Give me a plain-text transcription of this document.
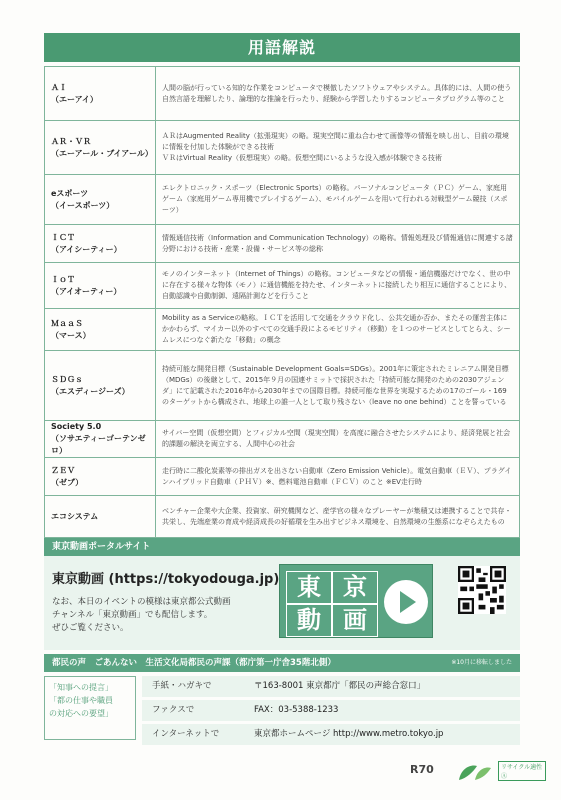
用語解説
ＡＩ
（エーアイ）	人間の脳が行っている知的な作業をコンピュータで模倣したソフトウェアやシステム。具体的には、人間の使う自然言語を理解したり、論理的な推論を行ったり、経験から学習したりするコンピュータプログラム等のこと

ＡＲ・ＶＲ
（エーアール・ブイアール）	ＡＲはAugmented Reality（拡張現実）の略。現実空間に重ね合わせて画像等の情報を映し出し、目前の環境に情報を付加した体験ができる技術
ＶＲはVirtual Reality（仮想現実）の略。仮想空間にいるような没入感が体験できる技術

eスポーツ
（イースポーツ）	エレクトロニック・スポーツ（Electronic Sports）の略称。パーソナルコンピュータ（ＰＣ）ゲーム、家庭用ゲーム（家庭用ゲーム専用機でプレイするゲーム）、モバイルゲームを用いて行われる対戦型ゲーム競技（スポーツ）

ＩＣＴ
（アイシーティー）	情報通信技術（Information and Communication Technology）の略称。情報処理及び情報通信に関連する諸分野における技術・産業・設備・サービス等の総称

ＩｏＴ
（アイオーティー）	モノのインターネット（Internet of Things）の略称。コンピュータなどの情報・通信機器だけでなく、世の中に存在する様々な物体（モノ）に通信機能を持たせ、インターネットに接続したり相互に通信することにより、自動認識や自動制御、遠隔計測などを行うこと

ＭａａＳ
（マース）	Mobility as a Serviceの略称。ＩＣＴを活用して交通をクラウド化し、公共交通か否か、またその運営主体にかかわらず、マイカー以外のすべての交通手段によるモビリティ（移動）を１つのサービスとしてとらえ、シームレスにつなぐ新たな「移動」の概念

ＳＤＧｓ
（エスディージーズ）	持続可能な開発目標（Sustainable Development Goals=SDGs）。2001年に策定されたミレニアム開発目標（MDGs）の後継として、2015年９月の国連サミットで採択された「持続可能な開発のための2030アジェンダ」にて記載された2016年から2030年までの国際目標。持続可能な世界を実現するための17のゴール・169のターゲットから構成され、地球上の誰一人として取り残さない（leave no one behind）ことを誓っている

Society 5.0
（ソサエティーゴーテンゼロ）	サイバー空間（仮想空間）とフィジカル空間（現実空間）を高度に融合させたシステムにより、経済発展と社会的課題の解決を両立する、人間中心の社会

ＺＥＶ
（ゼブ）	走行時に二酸化炭素等の排出ガスを出さない自動車（Zero Emission Vehicle）。電気自動車（ＥＶ）、プラグインハイブリッド自動車（ＰＨＶ）※、燃料電池自動車（ＦＣＶ）のこと ※EV走行時

エコシステム	ベンチャー企業や大企業、投資家、研究機関など、産学官の様々なプレーヤーが集積又は連携することで共存・共栄し、先端産業の育成や経済成長の好循環を生み出すビジネス環境を、自然環境の生態系になぞらえたもの
東京動画ポータルサイト
東京動画 (https://tokyodouga.jp)
なお、本日のイベントの模様は東京都公式動画
チャンネル「東京動画」でも配信します。
ぜひご覧ください。
東 京
動 画
都民の声　ごあんない　生活文化局都民の声課（都庁第一庁舎35階北側）	※10月に移転しました
「知事への提言」
「都の仕事や職員
の対応への要望」
手紙・ハガキで	〒163-8001 東京都庁「都民の声総合窓口」
ファクスで	FAX：03-5388-1233
インターネットで	東京都ホームページ http://www.metro.tokyo.jp
R70	リサイクル適性Ⓐ
